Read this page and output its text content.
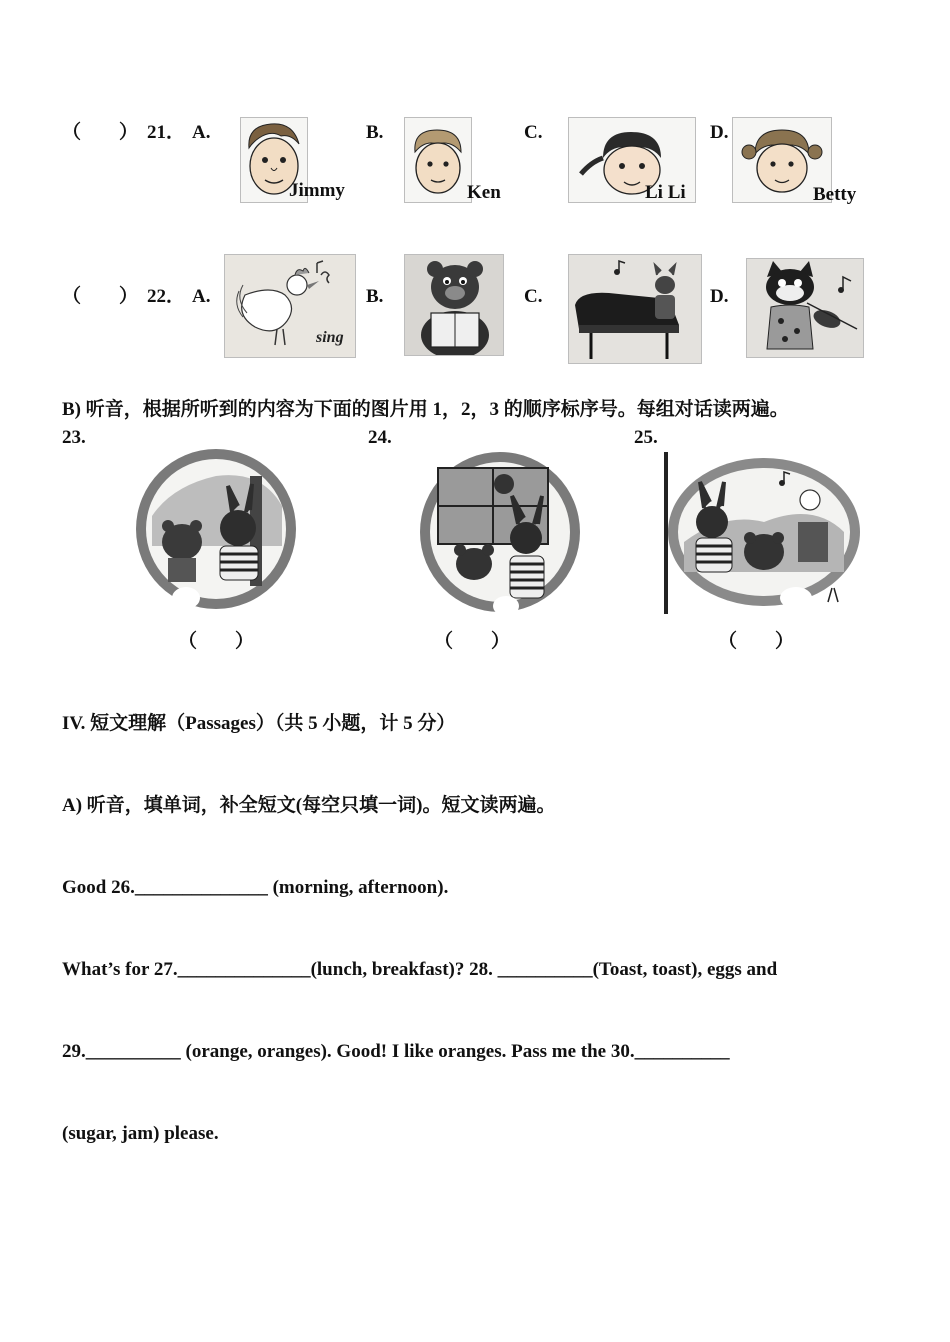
（　　） 21． A.	B.	C.	D.
Jimmy	Ken	Li Li	Betty
（　　） 22． A.	B.	C.	D.
sing
B) 听音，根据所听到的内容为下面的图片用 1，2，3 的顺序标序号。每组对话读两遍。
23.	24.	25.
（　　）	（　　）	（　　）
IV. 短文理解（Passages）（共 5 小题，计 5 分）
A) 听音，填单词，补全短文(每空只填一词)。短文读两遍。
Good 26.______________ (morning, afternoon).
What’s for 27.______________(lunch, breakfast)? 28. __________(Toast, toast), eggs and
29.__________ (orange, oranges). Good! I like oranges. Pass me the 30.__________
(sugar, jam) please.
